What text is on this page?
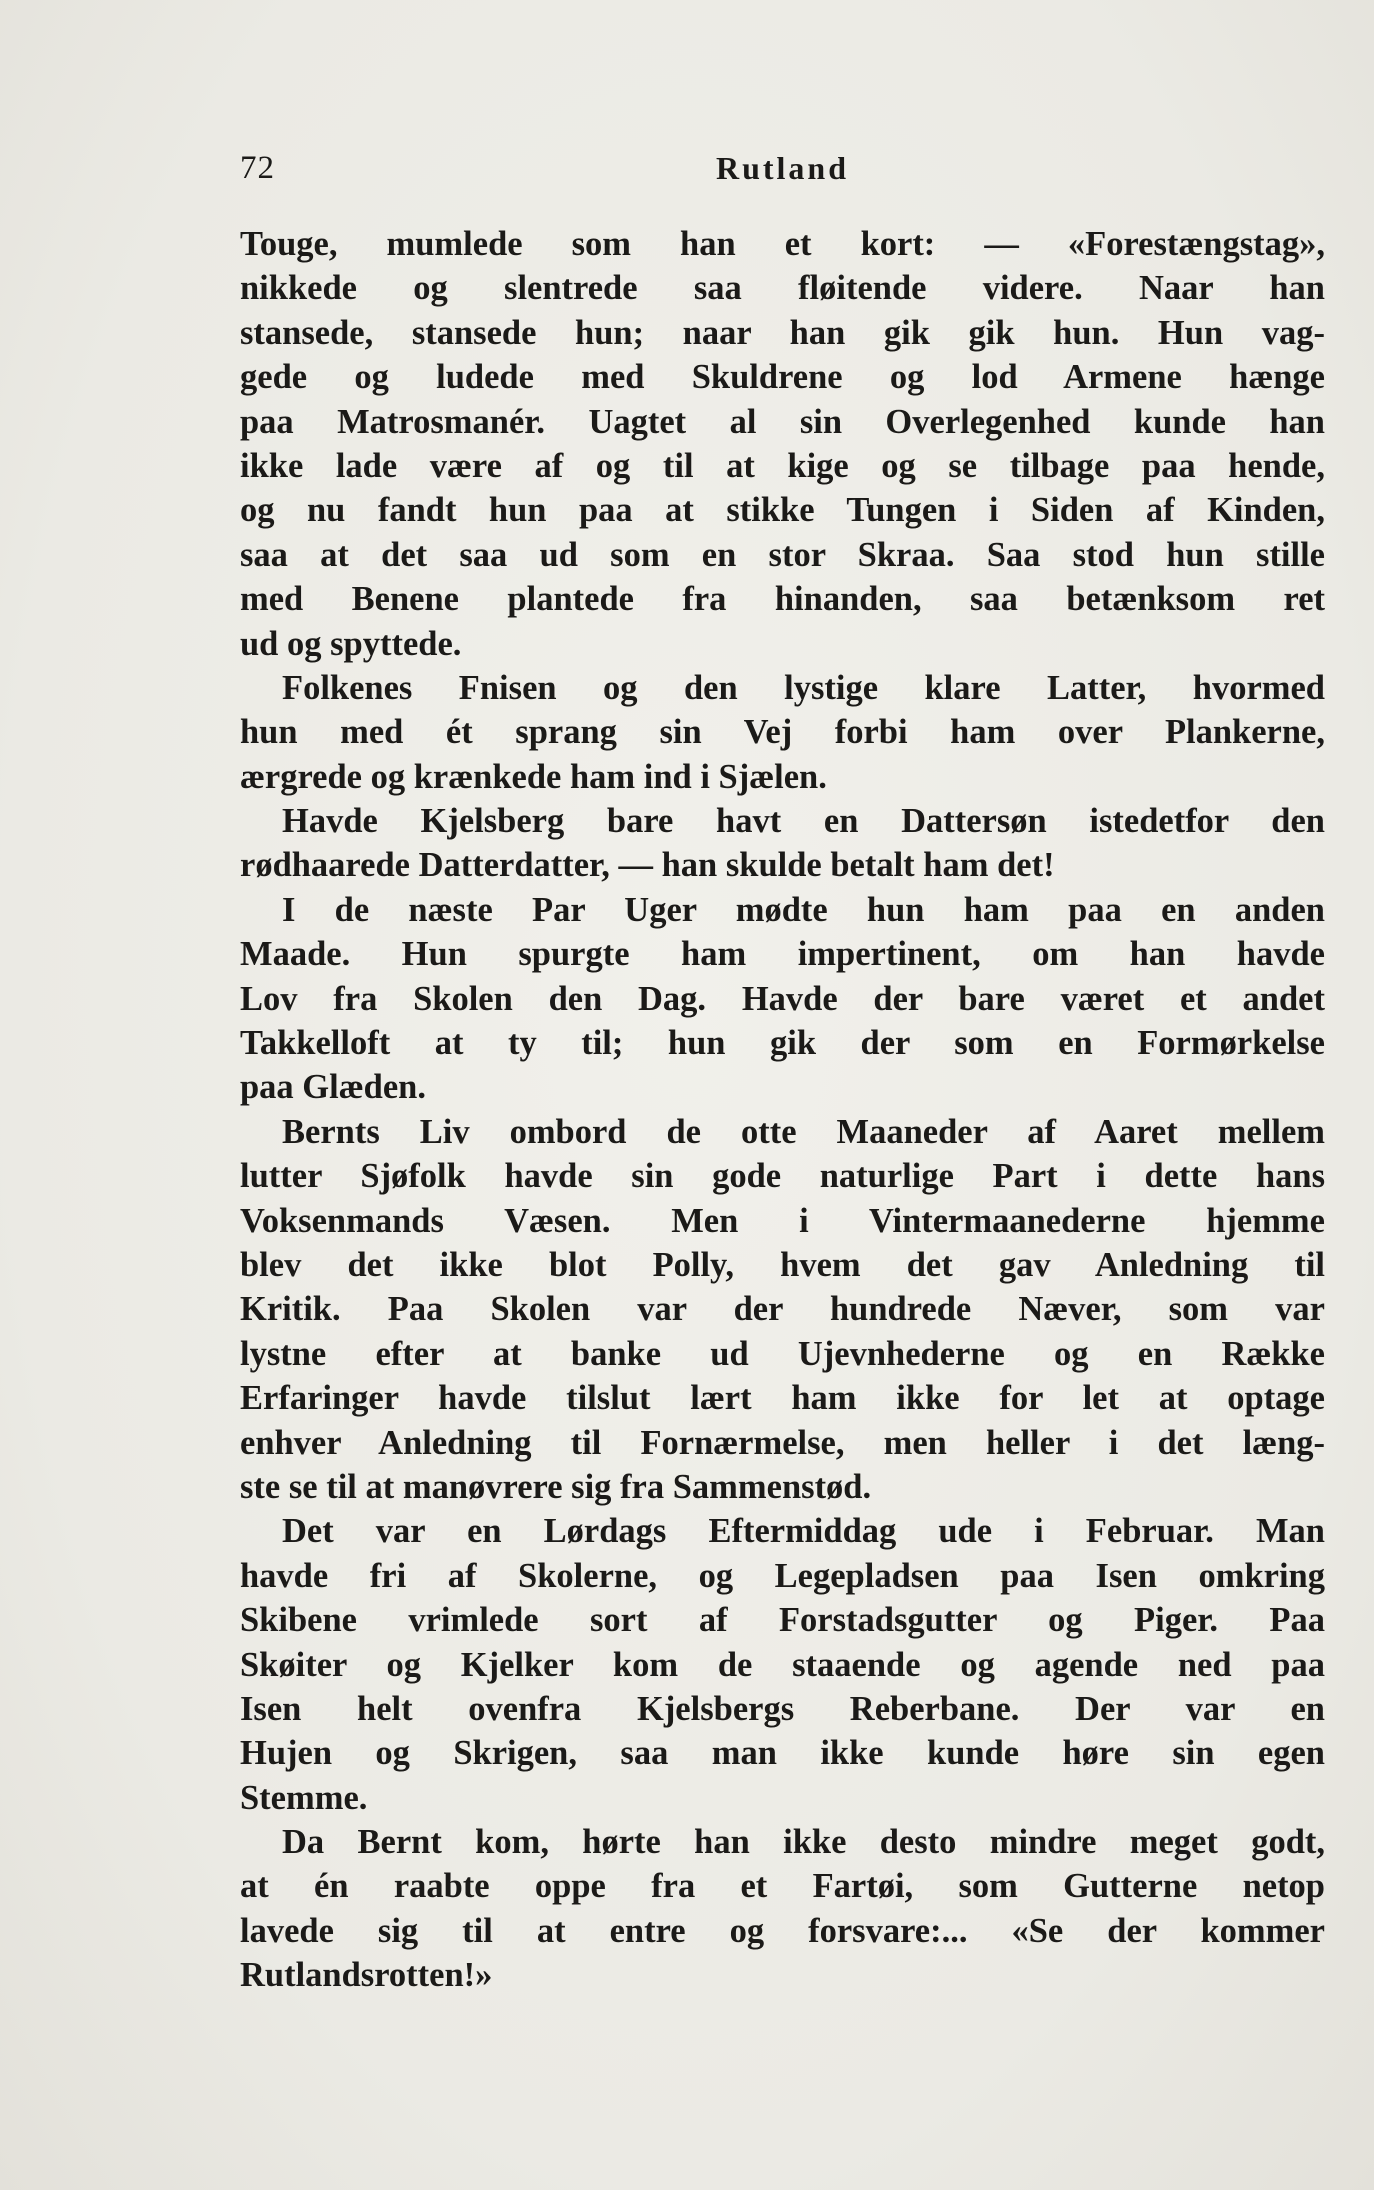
72	Rutland
Touge, mumlede som han et kort: — «Forestængstag»,
nikkede og slentrede saa fløitende videre. Naar han
stansede, stansede hun; naar han gik gik hun. Hun vag-
gede og ludede med Skuldrene og lod Armene hænge
paa Matrosmanér. Uagtet al sin Overlegenhed kunde han
ikke lade være af og til at kige og se tilbage paa hende,
og nu fandt hun paa at stikke Tungen i Siden af Kinden,
saa at det saa ud som en stor Skraa. Saa stod hun stille
med Benene plantede fra hinanden, saa betænksom ret
ud og spyttede.
Folkenes Fnisen og den lystige klare Latter, hvormed
hun med ét sprang sin Vej forbi ham over Plankerne,
ærgrede og krænkede ham ind i Sjælen.
Havde Kjelsberg bare havt en Dattersøn istedetfor den
rødhaarede Datterdatter, — han skulde betalt ham det!
I de næste Par Uger mødte hun ham paa en anden
Maade. Hun spurgte ham impertinent, om han havde
Lov fra Skolen den Dag. Havde der bare været et andet
Takkelloft at ty til; hun gik der som en Formørkelse
paa Glæden.
Bernts Liv ombord de otte Maaneder af Aaret mellem
lutter Sjøfolk havde sin gode naturlige Part i dette hans
Voksenmands Væsen. Men i Vintermaanederne hjemme
blev det ikke blot Polly, hvem det gav Anledning til
Kritik. Paa Skolen var der hundrede Næver, som var
lystne efter at banke ud Ujevnhederne og en Række
Erfaringer havde tilslut lært ham ikke for let at optage
enhver Anledning til Fornærmelse, men heller i det læng-
ste se til at manøvrere sig fra Sammenstød.
Det var en Lørdags Eftermiddag ude i Februar. Man
havde fri af Skolerne, og Legepladsen paa Isen omkring
Skibene vrimlede sort af Forstadsgutter og Piger. Paa
Skøiter og Kjelker kom de staaende og agende ned paa
Isen helt ovenfra Kjelsbergs Reberbane. Der var en
Hujen og Skrigen, saa man ikke kunde høre sin egen
Stemme.
Da Bernt kom, hørte han ikke desto mindre meget godt,
at én raabte oppe fra et Fartøi, som Gutterne netop
lavede sig til at entre og forsvare:... «Se der kommer
Rutlandsrotten!»
